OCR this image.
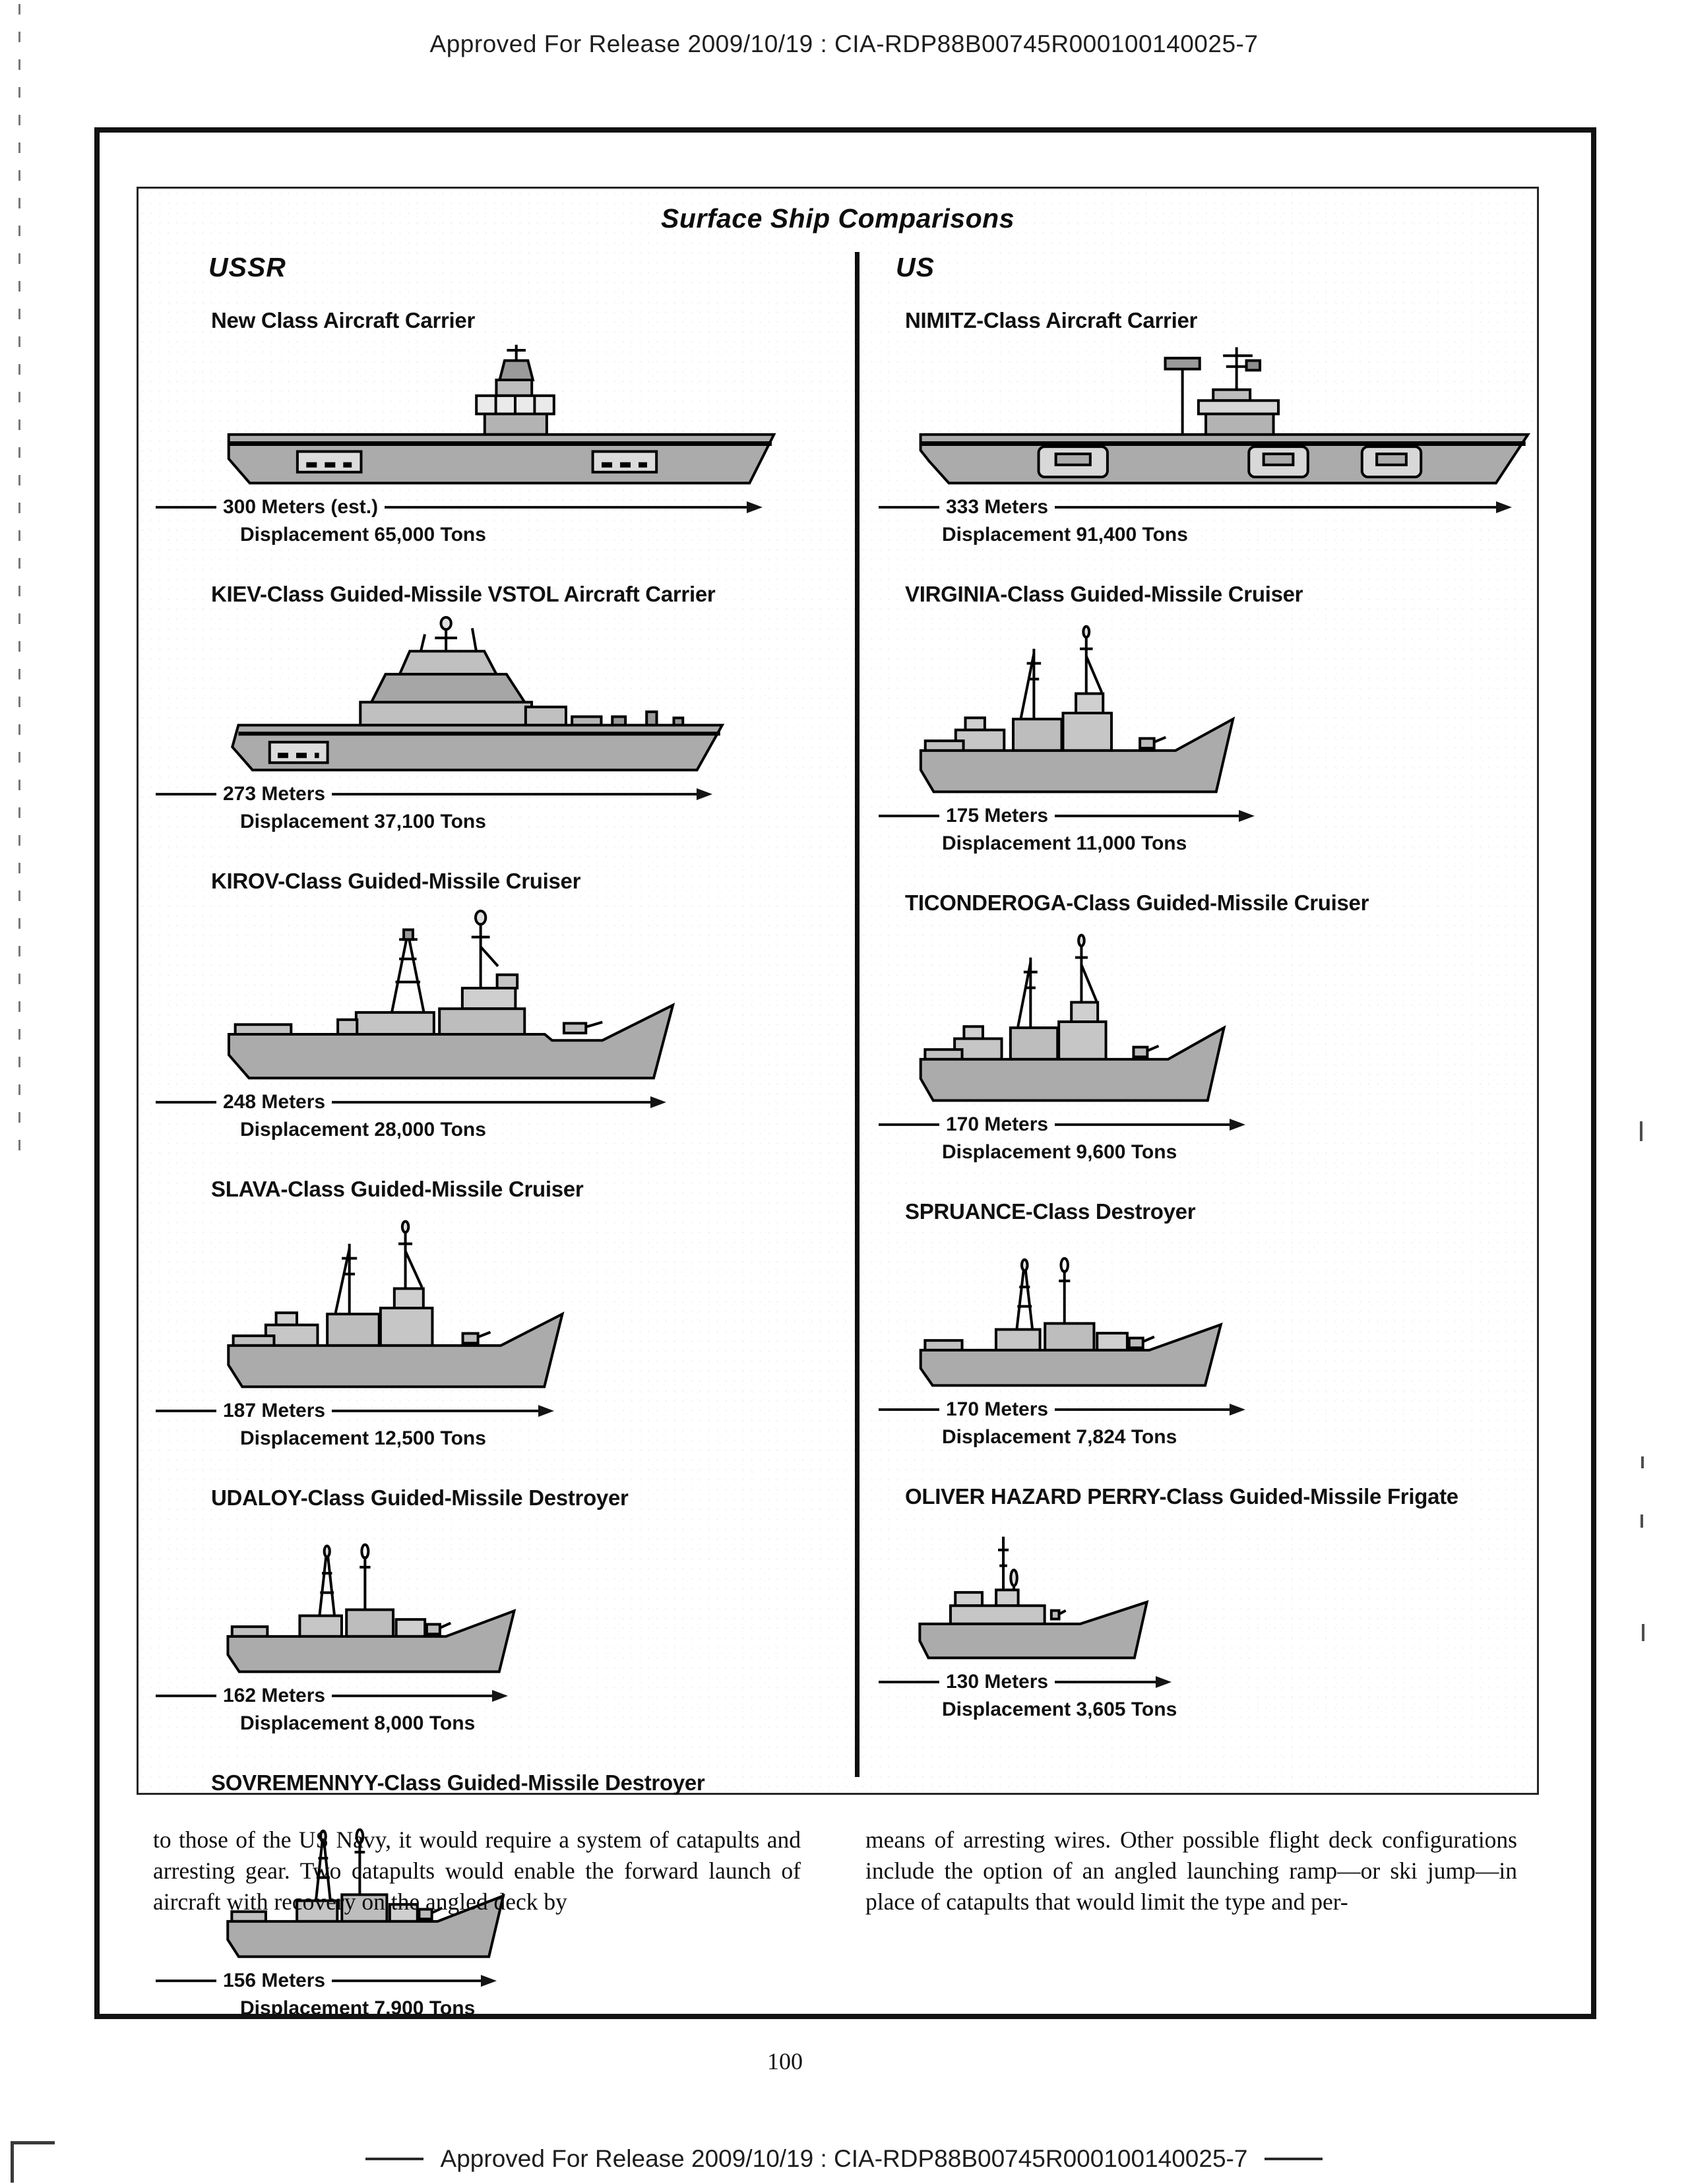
Approved For Release 2009/10/19 : CIA-RDP88B00745R000100140025-7
Surface Ship Comparisons
USSR
New Class Aircraft Carrier
300 Meters (est.)
Displacement 65,000 Tons
KIEV-Class Guided-Missile VSTOL Aircraft Carrier
273 Meters
Displacement 37,100 Tons
KIROV-Class Guided-Missile Cruiser
248 Meters
Displacement 28,000 Tons
SLAVA-Class Guided-Missile Cruiser
187 Meters
Displacement 12,500 Tons
UDALOY-Class Guided-Missile Destroyer
162 Meters
Displacement 8,000 Tons
SOVREMENNYY-Class Guided-Missile Destroyer
156 Meters
Displacement 7,900 Tons
US
NIMITZ-Class Aircraft Carrier
333 Meters
Displacement 91,400 Tons
VIRGINIA-Class Guided-Missile Cruiser
175 Meters
Displacement 11,000 Tons
TICONDEROGA-Class Guided-Missile Cruiser
170 Meters
Displacement 9,600 Tons
SPRUANCE-Class Destroyer
170 Meters
Displacement 7,824 Tons
OLIVER HAZARD PERRY-Class Guided-Missile Frigate
130 Meters
Displacement 3,605 Tons
to those of the US Navy, it would require a system of catapults and arresting gear. Two catapults would enable the forward launch of aircraft with recovery on the angled deck by
means of arresting wires. Other possible flight deck configurations include the option of an angled launching ramp—or ski jump—in place of catapults that would limit the type and per-
100
Approved For Release 2009/10/19 : CIA-RDP88B00745R000100140025-7
